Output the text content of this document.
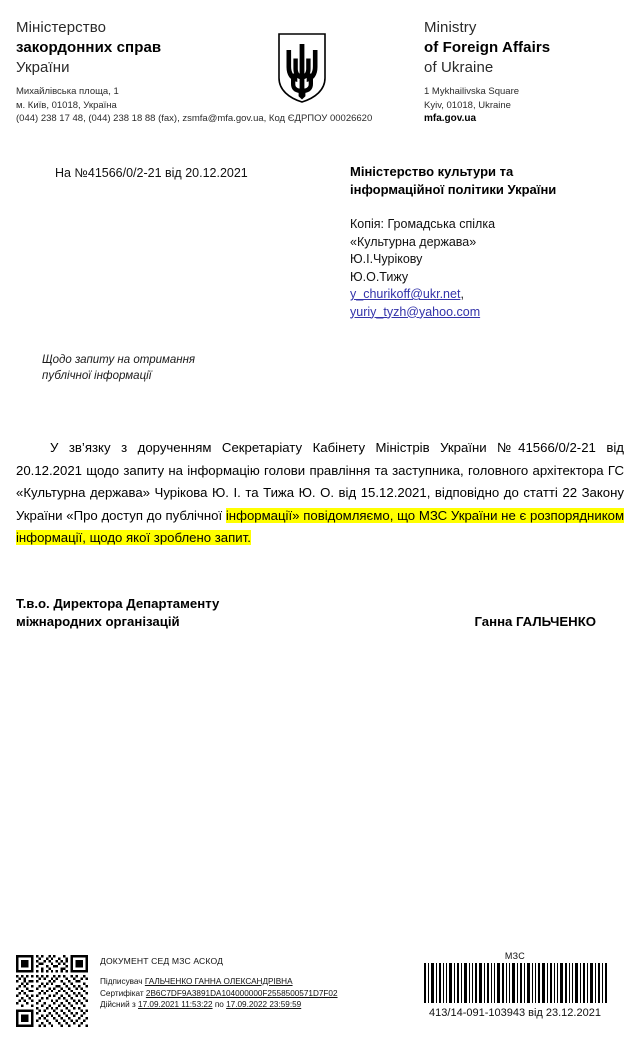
Міністерство
закордонних справ
України
Михайлівська площа, 1
м. Київ, 01018, Україна
(044) 238 17 48, (044) 238 18 88 (fax), zsmfa@mfa.gov.ua, Код ЄДРПОУ 00026620
Ministry
of Foreign Affairs
of Ukraine
1 Mykhailivska Square
Kyiv, 01018, Ukraine
mfa.gov.ua
На №41566/0/2-21 від 20.12.2021	Міністерство культури та
інформаційної політики України
Копія: Громадська спілка
«Культурна держава»
Ю.І.Чурікову
Ю.О.Тижу
y_churikoff@ukr.net,
yuriy_tyzh@yahoo.com
Щодо запиту на отримання
публічної інформації
У зв’язку з дорученням Секретаріату Кабінету Міністрів України №41566/0/2-21 від 20.12.2021 щодо запиту на інформацію голови правління та заступника, головного архітектора ГС «Культурна держава» Чурікова Ю. І. та Тижа Ю. О. від 15.12.2021, відповідно до статті 22 Закону України «Про доступ до публічної інформації» повідомляємо, що МЗС України не є розпорядником інформації, щодо якої зроблено запит.
Т.в.о. Директора Департаменту
міжнародних організацій	Ганна ГАЛЬЧЕНКО
ДОКУМЕНТ СЕД МЗС АСКОД
Підписувач ГАЛЬЧЕНКО ГАННА ОЛЕКСАНДРІВНА
Сертифікат 2B6C7DF9A3891DA104000000F2558500571D7F02
Дійсний з 17.09.2021 11:53:22 по 17.09.2022 23:59:59
МЗС
413/14-091-103943 від 23.12.2021
